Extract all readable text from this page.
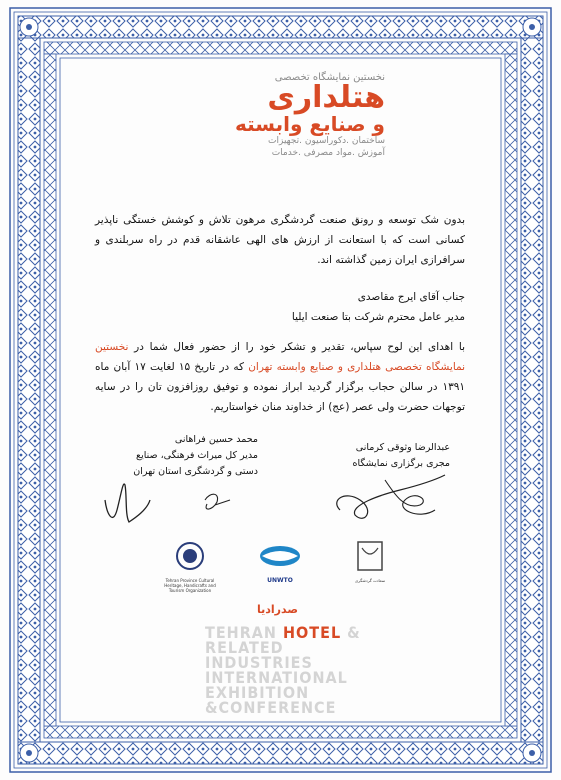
نخستین نمایشگاه تخصصی
هتلداری
و صنایع وابسته
ساختمان .دکوراسیون .تجهیزات
آموزش .مواد مصرفی .خدمات
بدون شک توسعه و رونق صنعت گردشگری مرهون تلاش و کوشش خستگی ناپذیر کسانی است که با استعانت از ارزش های الهی عاشقانه قدم در راه سربلندی و سرافرازی ایران زمین گذاشته اند.
جناب آقای ایرج مقاصدی
مدیر عامل محترم شرکت بتا صنعت ایلیا
با اهدای این لوح سپاس، تقدیر و تشکر خود را از حضور فعال شما در نخستین نمایشگاه تخصصی هتلداری و صنایع وابسته تهران که در تاریخ ۱۵ لغایت ۱۷ آبان ماه ۱۳۹۱ در سالن حجاب برگزار گردید ابراز نموده و توفیق روزافزون تان را در سایه توجهات حضرت ولی عصر (عج) از خداوند منان خواستاریم.
محمد حسین فراهانی
مدیر کل میراث فرهنگی، صنایع
دستی و گردشگری استان تهران
عبدالرضا وثوقی کرمانی
مجری برگزاری نمایشگاه
Tehran Province Cultural Heritage, Handicrafts and Tourism Organization
UNWTO	سعادت گردشگری
صدرادیا
TEHRAN HOTEL &
RELATED
INDUSTRIES
INTERNATIONAL
EXHIBITION
&CONFERENCE
